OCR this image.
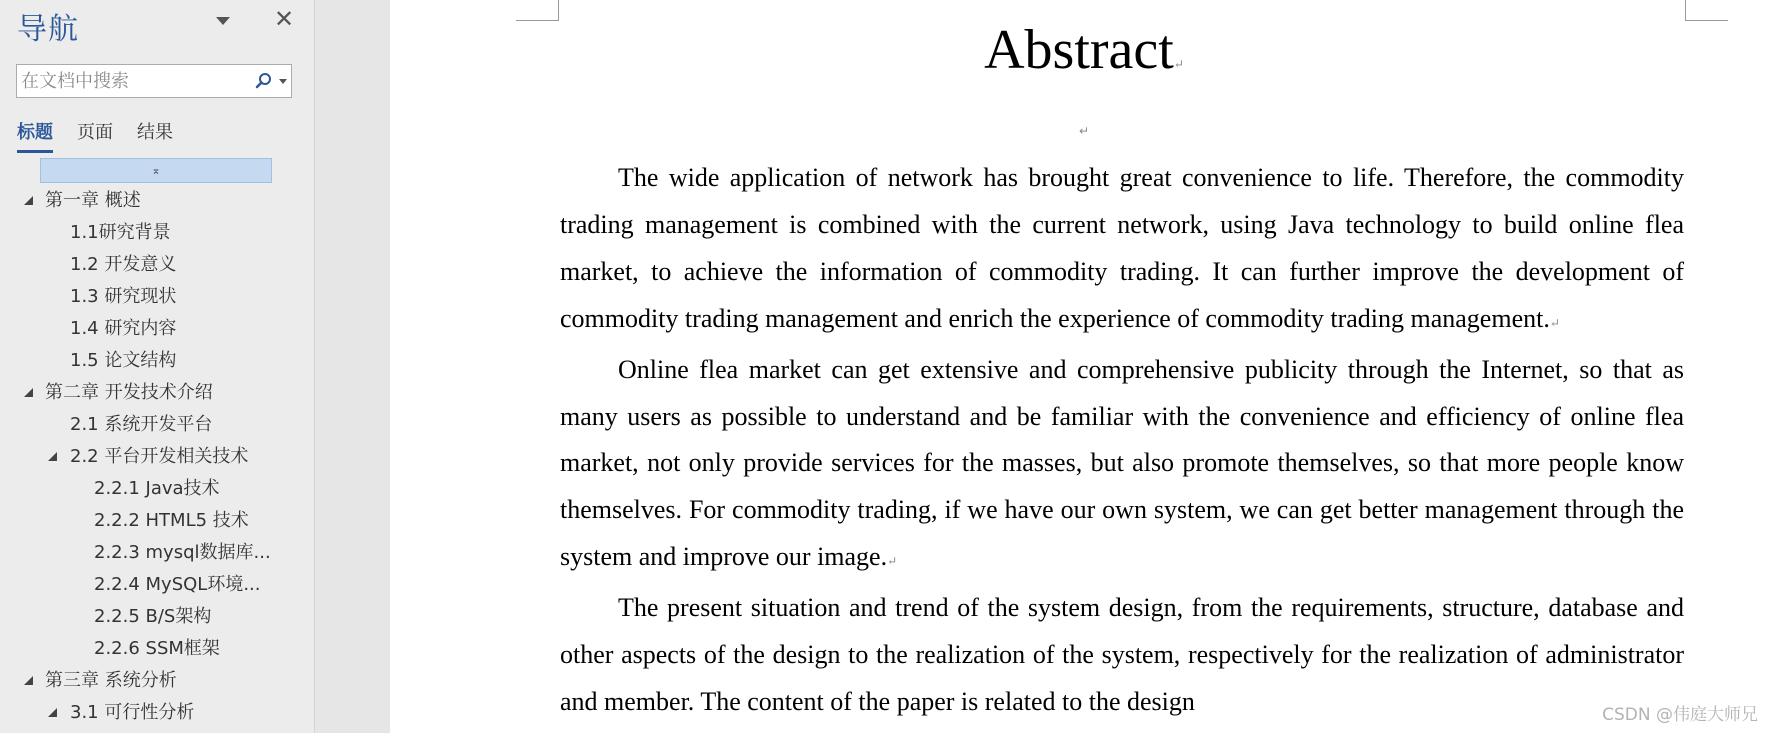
导航	✕
在文档中搜索
标题 页面 结果
⌅
第一章 概述
1.1研究背景
1.2 开发意义
1.3 研究现状
1.4 研究内容
1.5 论文结构
第二章 开发技术介绍
2.1 系统开发平台
2.2 平台开发相关技术
2.2.1 Java技术
2.2.2 HTML5 技术
2.2.3 mysql数据库...
2.2.4 MySQL环境...
2.2.5 B/S架构
2.2.6 SSM框架
第三章 系统分析
3.1 可行性分析
Abstract↵
↵

The wide application of network has brought great convenience to life. Therefore, the commodity trading management is combined with the current network, using Java technology to build online flea market, to achieve the information of commodity trading. It can further improve the development of commodity trading management and enrich the experience of commodity trading management.↵

Online flea market can get extensive and comprehensive publicity through the Internet, so that as many users as possible to understand and be familiar with the convenience and efficiency of online flea market, not only provide services for the masses, but also promote themselves, so that more people know themselves. For commodity trading, if we have our own system, we can get better management through the system and improve our image.↵

The present situation and trend of the system design, from the requirements, structure, database and other aspects of the design to the realization of the system, respectively for the realization of administrator and member. The content of the paper is related to the design	CSDN @伟庭大师兄
